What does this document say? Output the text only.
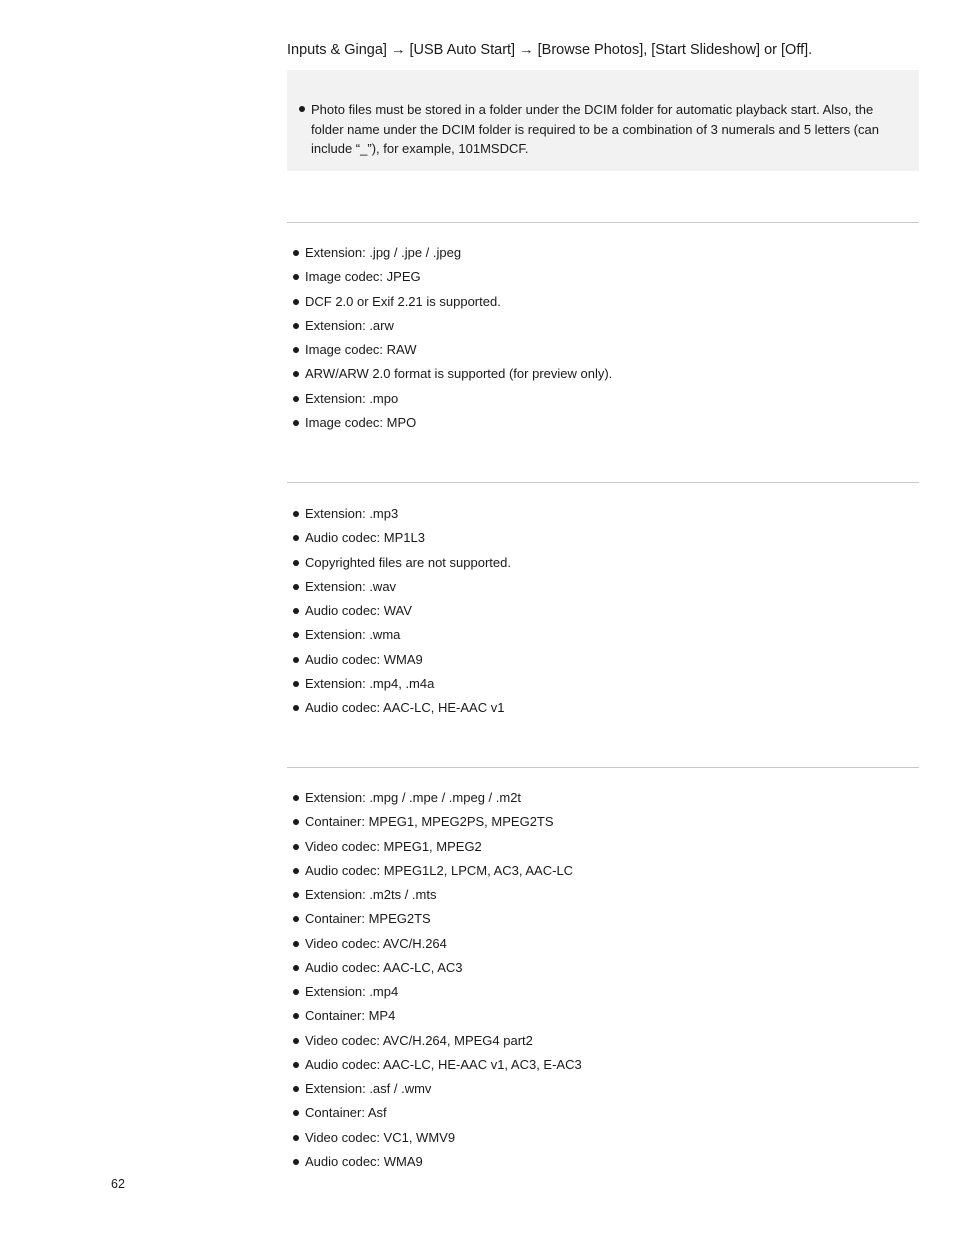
Inputs & Ginga] → [USB Auto Start] → [Browse Photos], [Start Slideshow] or [Off].
Photo files must be stored in a folder under the DCIM folder for automatic playback start. Also, the folder name under the DCIM folder is required to be a combination of 3 numerals and 5 letters (can include “_”), for example, 101MSDCF.
Extension: .jpg / .jpe / .jpeg
Image codec: JPEG
DCF 2.0 or Exif 2.21 is supported.
Extension: .arw
Image codec: RAW
ARW/ARW 2.0 format is supported (for preview only).
Extension: .mpo
Image codec: MPO
Extension: .mp3
Audio codec: MP1L3
Copyrighted files are not supported.
Extension: .wav
Audio codec: WAV
Extension: .wma
Audio codec: WMA9
Extension: .mp4, .m4a
Audio codec: AAC-LC, HE-AAC v1
Extension: .mpg / .mpe / .mpeg / .m2t
Container: MPEG1, MPEG2PS, MPEG2TS
Video codec: MPEG1, MPEG2
Audio codec: MPEG1L2, LPCM, AC3, AAC-LC
Extension: .m2ts / .mts
Container: MPEG2TS
Video codec: AVC/H.264
Audio codec: AAC-LC, AC3
Extension: .mp4
Container: MP4
Video codec: AVC/H.264, MPEG4 part2
Audio codec: AAC-LC, HE-AAC v1, AC3, E-AC3
Extension: .asf / .wmv
Container: Asf
Video codec: VC1, WMV9
Audio codec: WMA9
62
